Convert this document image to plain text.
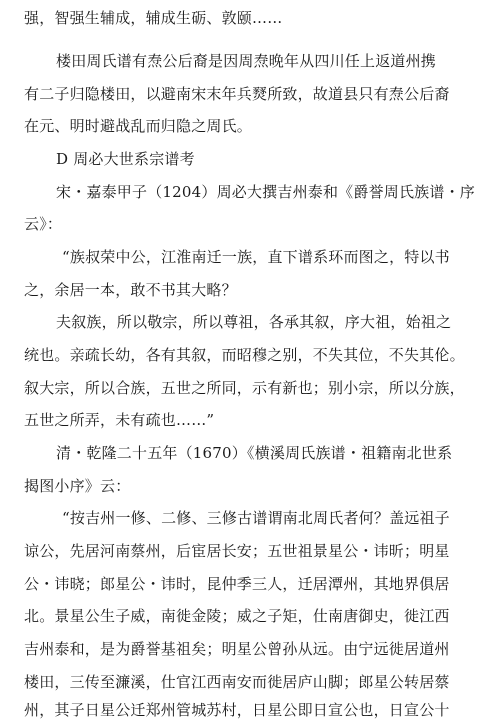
强，智强生辅成，辅成生砺、敦颐……
楼田周氏谱有焘公后裔是因周焘晚年从四川任上返道州携
有二子归隐楼田，以避南宋末年兵燹所致，故道县只有焘公后裔
在元、明时避战乱而归隐之周氏。
D 周必大世系宗谱考
宋・嘉泰甲子（1204）周必大撰吉州泰和《爵誉周氏族谱・序
云》：
“族叔荣中公，江淮南迁一族，直下谱系环而图之，特以书
之，余居一本，敢不书其大略？
夫叙族，所以敬宗，所以尊祖，各承其叙，序大祖，始祖之
统也。亲疏长幼，各有其叙，而昭穆之别，不失其位，不失其伦。
叙大宗，所以合族，五世之所同，示有新也；别小宗，所以分族，
五世之所弄，未有疏也……”
清・乾隆二十五年（1670）《横溪周氏族谱・祖籍南北世系
揭图小序》云：
“按吉州一修、二修、三修古谱谓南北周氏者何？盖远祖子
谅公，先居河南蔡州，后宦居长安；五世祖景星公・讳昕；明星
公・讳晓；郎星公・讳时，昆仲季三人，迁居潭州，其地界俱居
北。景星公生子威，南徙金陵；威之子矩，仕南唐御史，徙江西
吉州泰和，是为爵誉基祖矣；明星公曾孙从远。由宁远徙居道州
楼田，三传至濂溪，仕官江西南安而徙居庐山脚；郎星公转居蔡
州，其子日星公迁郑州管城苏村，日星公即日宣公也，日宣公十
